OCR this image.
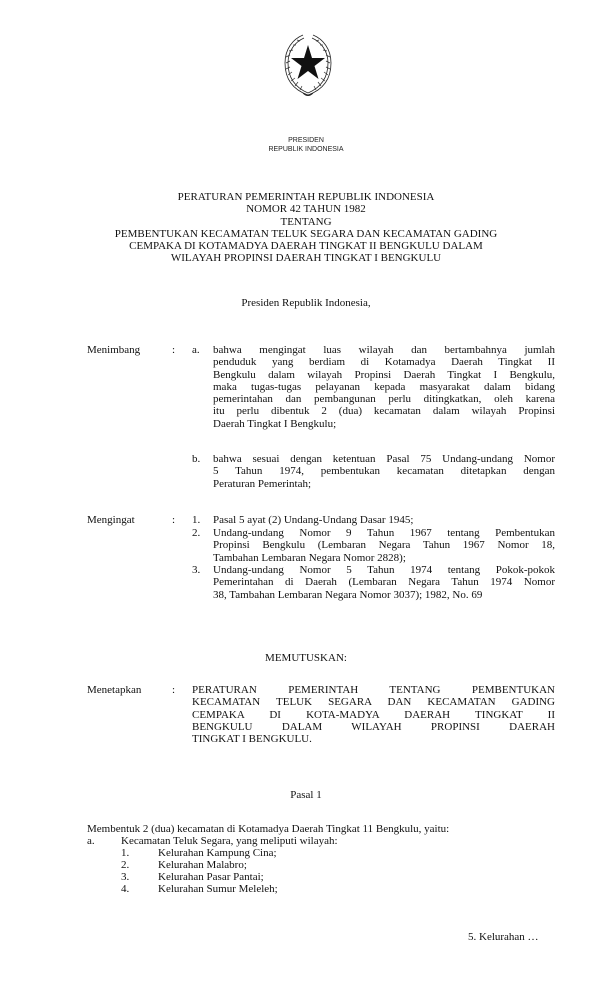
PRESIDEN
REPUBLIK INDONESIA
PERATURAN PEMERINTAH REPUBLIK INDONESIA
NOMOR 42 TAHUN 1982
TENTANG
PEMBENTUKAN KECAMATAN TELUK SEGARA DAN KECAMATAN GADING
CEMPAKA DI KOTAMADYA DAERAH TINGKAT II BENGKULU DALAM
WILAYAH PROPINSI DAERAH TINGKAT I BENGKULU
Presiden Republik Indonesia,
Menimbang	: a. bahwa mengingat luas wilayah dan bertambahnya jumlah
penduduk yang berdiam di Kotamadya Daerah Tingkat II
Bengkulu dalam wilayah Propinsi Daerah Tingkat I Bengkulu,
maka tugas-tugas pelayanan kepada masyarakat dalam bidang
pemerintahan dan pembangunan perlu ditingkatkan, oleh karena
itu perlu dibentuk 2 (dua) kecamatan dalam wilayah Propinsi
Daerah Tingkat I Bengkulu;
b. bahwa sesuai dengan ketentuan Pasal 75 Undang-undang Nomor
5 Tahun 1974, pembentukan kecamatan ditetapkan dengan
Peraturan Pemerintah;
Mengingat	: 1. Pasal 5 ayat (2) Undang-Undang Dasar 1945;
2. Undang-undang Nomor 9 Tahun 1967 tentang Pembentukan
Propinsi Bengkulu (Lembaran Negara Tahun 1967 Nomor 18,
Tambahan Lembaran Negara Nomor 2828);
3. Undang-undang Nomor 5 Tahun 1974 tentang Pokok-pokok
Pemerintahan di Daerah (Lembaran Negara Tahun 1974 Nomor
38, Tambahan Lembaran Negara Nomor 3037); 1982, No. 69
MEMUTUSKAN:
Menetapkan	: PERATURAN PEMERINTAH TENTANG PEMBENTUKAN
KECAMATAN TELUK SEGARA DAN KECAMATAN GADING
CEMPAKA DI KOTA-MADYA DAERAH TINGKAT II
BENGKULU DALAM WILAYAH PROPINSI DAERAH
TINGKAT I BENGKULU.
Pasal 1
Membentuk 2 (dua) kecamatan di Kotamadya Daerah Tingkat 11 Bengkulu, yaitu:
a. Kecamatan Teluk Segara, yang meliputi wilayah:
1.	Kelurahan Kampung Cina;
2.	Kelurahan Malabro;
3.	Kelurahan Pasar Pantai;
4.	Kelurahan Sumur Meleleh;
5. Kelurahan …
